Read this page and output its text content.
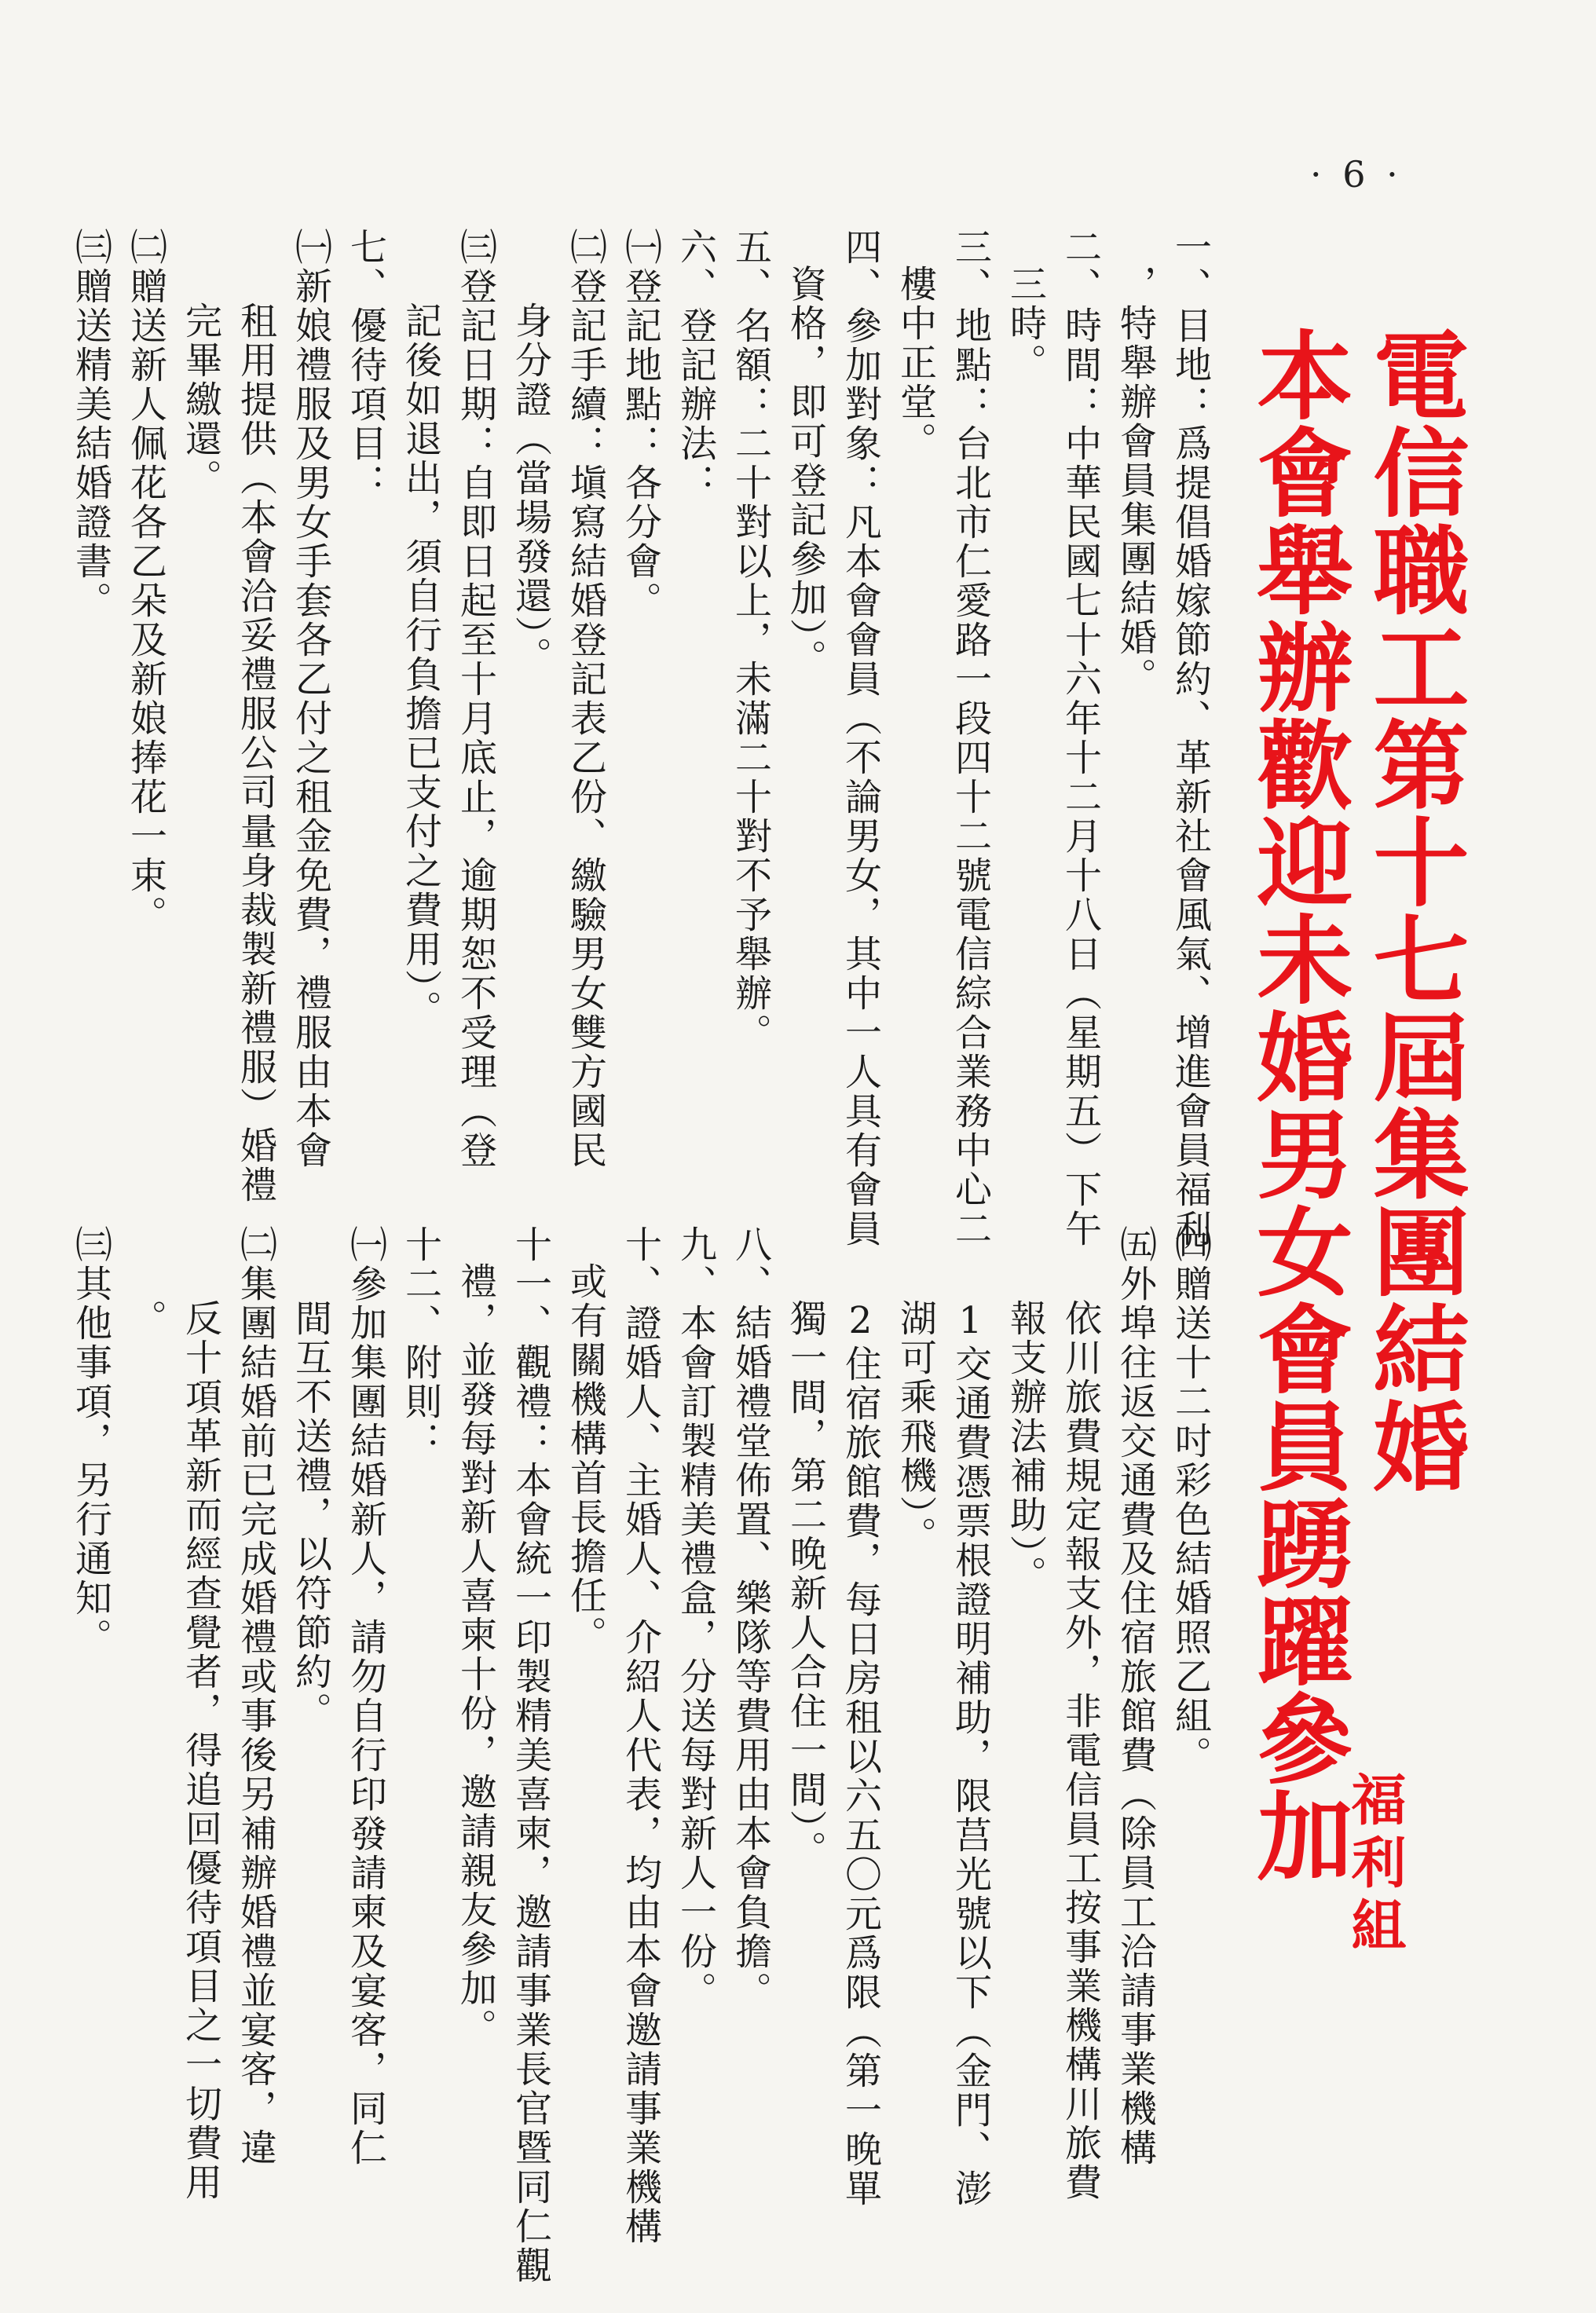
· 6 ·
電信職工第十七屆集團結婚
本會舉辦歡迎未婚男女會員踴躍參加
福利組
一、目地：爲提倡婚嫁節約、革新社會風氣、增進會員福利
，特舉辦會員集團結婚。
二、時間：中華民國七十六年十二月十八日（星期五）下午
三時。
三、地點：台北市仁愛路一段四十二號電信綜合業務中心二
樓中正堂。
四、參加對象：凡本會會員（不論男女，其中一人具有會員
資格，即可登記參加）。
五、名額：二十對以上，未滿二十對不予舉辦。
六、登記辦法：
㈠登記地點：各分會。
㈡登記手續：塡寫結婚登記表乙份、繳驗男女雙方國民
身分證（當場發還）。
㈢登記日期：自即日起至十月底止，逾期恕不受理（登
記後如退出，須自行負擔已支付之費用）。
七、優待項目：
㈠新娘禮服及男女手套各乙付之租金免費，禮服由本會
租用提供（本會洽妥禮服公司量身裁製新禮服）婚禮
完畢繳還。
㈡贈送新人佩花各乙朵及新娘捧花一束。
㈢贈送精美結婚證書。
㈣贈送十二吋彩色結婚照乙組。
㈤外埠往返交通費及住宿旅館費（除員工洽請事業機構
依川旅費規定報支外，非電信員工按事業機構川旅費
報支辦法補助）。
1交通費憑票根證明補助，限莒光號以下（金門、澎
湖可乘飛機）。
2住宿旅館費，每日房租以六五〇元爲限（第一晚單
獨一間，第二晚新人合住一間）。
八、結婚禮堂佈置、樂隊等費用由本會負擔。
九、本會訂製精美禮盒，分送每對新人一份。
十、證婚人、主婚人、介紹人代表，均由本會邀請事業機構
或有關機構首長擔任。
十一、觀禮：本會統一印製精美喜柬，邀請事業長官暨同仁觀
禮，並發每對新人喜柬十份，邀請親友參加。
十二、附則：
㈠參加集團結婚新人，請勿自行印發請柬及宴客，同仁
間互不送禮，以符節約。
㈡集團結婚前已完成婚禮或事後另補辦婚禮並宴客，違
反十項革新而經查覺者，得追回優待項目之一切費用
。
㈢其他事項，另行通知。
